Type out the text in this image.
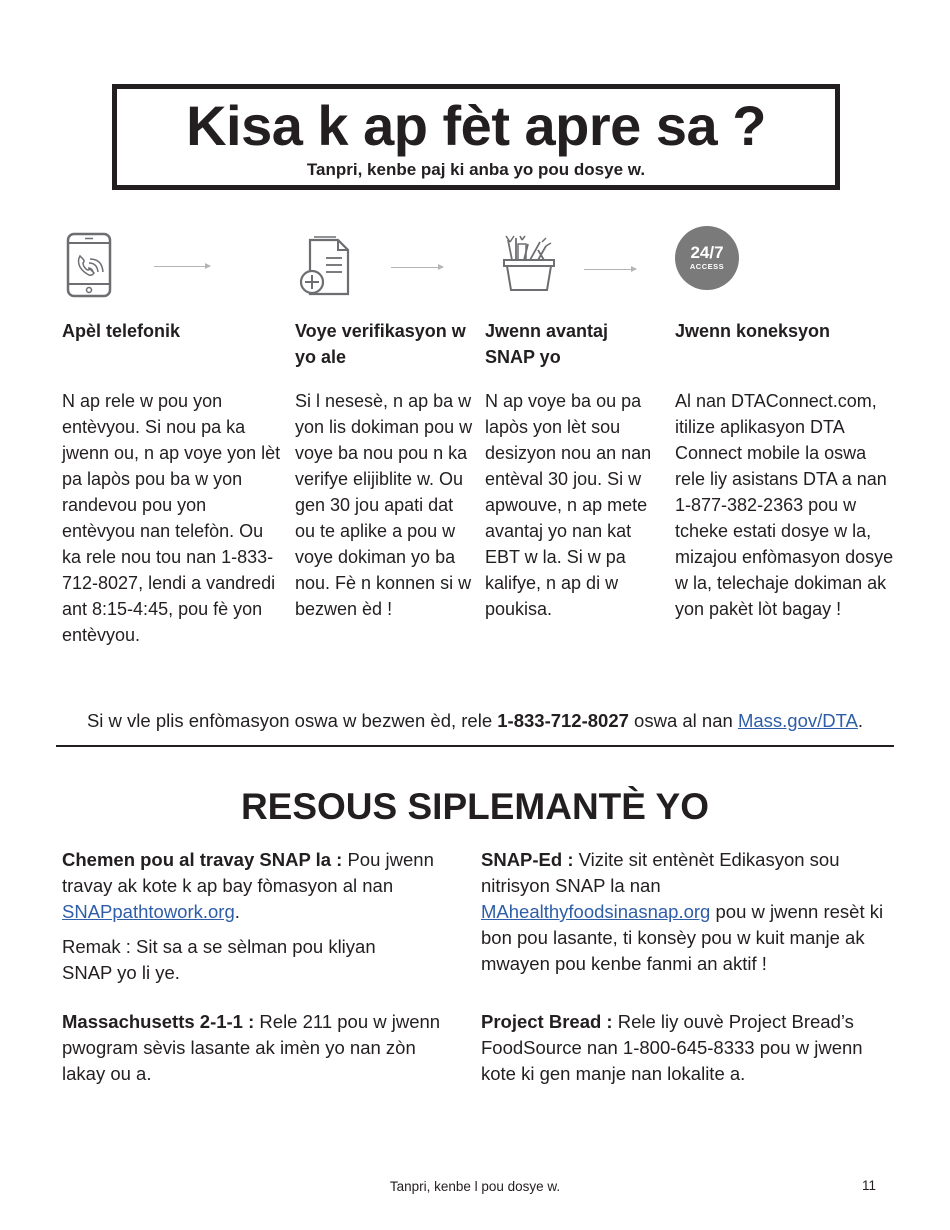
Kisa k ap fèt apre sa ?
Tanpri, kenbe paj ki anba yo pou dosye w.
24/7
ACCESS
Apèl telefonik

N ap rele w pou yon entèvyou. Si nou pa ka jwenn ou, n ap voye yon lèt pa lapòs pou ba w yon randevou pou yon entèvyou nan telefòn. Ou ka rele nou tou nan 1-833-712-8027, lendi a vandredi ant 8:15-4:45, pou fè yon entèvyou.

Voye verifikasyon w yo ale

Si l nesesè, n ap ba w yon lis dokiman pou w voye ba nou pou n ka verifye elijiblite w. Ou gen 30 jou apati dat ou te aplike a pou w voye dokiman yo ba nou. Fè n konnen si w bezwen èd !

Jwenn avantaj SNAP yo

N ap voye ba ou pa lapòs yon lèt sou desizyon nou an nan entèval 30 jou. Si w apwouve, n ap mete avantaj yo nan kat EBT w la. Si w pa kalifye, n ap di w poukisa.

Jwenn koneksyon

Al nan DTAConnect.com, itilize aplikasyon DTA Connect mobile la oswa rele liy asistans DTA a nan 1-877-382-2363 pou w tcheke estati dosye w la, mizajou enfòmasyon dosye w la, telechaje dokiman ak yon pakèt lòt bagay !

Si w vle plis enfòmasyon oswa w bezwen èd, rele 1-833-712-8027 oswa al nan Mass.gov/DTA.
RESOUS SIPLEMANTÈ YO
Chemen pou al travay SNAP la : Pou jwenn travay ak kote k ap bay fòmasyon al nan SNAPpathtowork.org.
Remak : Sit sa a se sèlman pou kliyan SNAP yo li ye.
SNAP-Ed : Vizite sit entènèt Edikasyon sou nitrisyon SNAP la nan MAhealthyfoodsinasnap.org pou w jwenn resèt ki bon pou lasante, ti konsèy pou w kuit manje ak mwayen pou kenbe fanmi an aktif !
Massachusetts 2-1-1 : Rele 211 pou w jwenn pwogram sèvis lasante ak imèn yo nan zòn lakay ou a.
Project Bread : Rele liy ouvè Project Bread’s FoodSource nan 1-800-645-8333 pou w jwenn kote ki gen manje nan lokalite a.
Tanpri, kenbe l pou dosye w.	11
